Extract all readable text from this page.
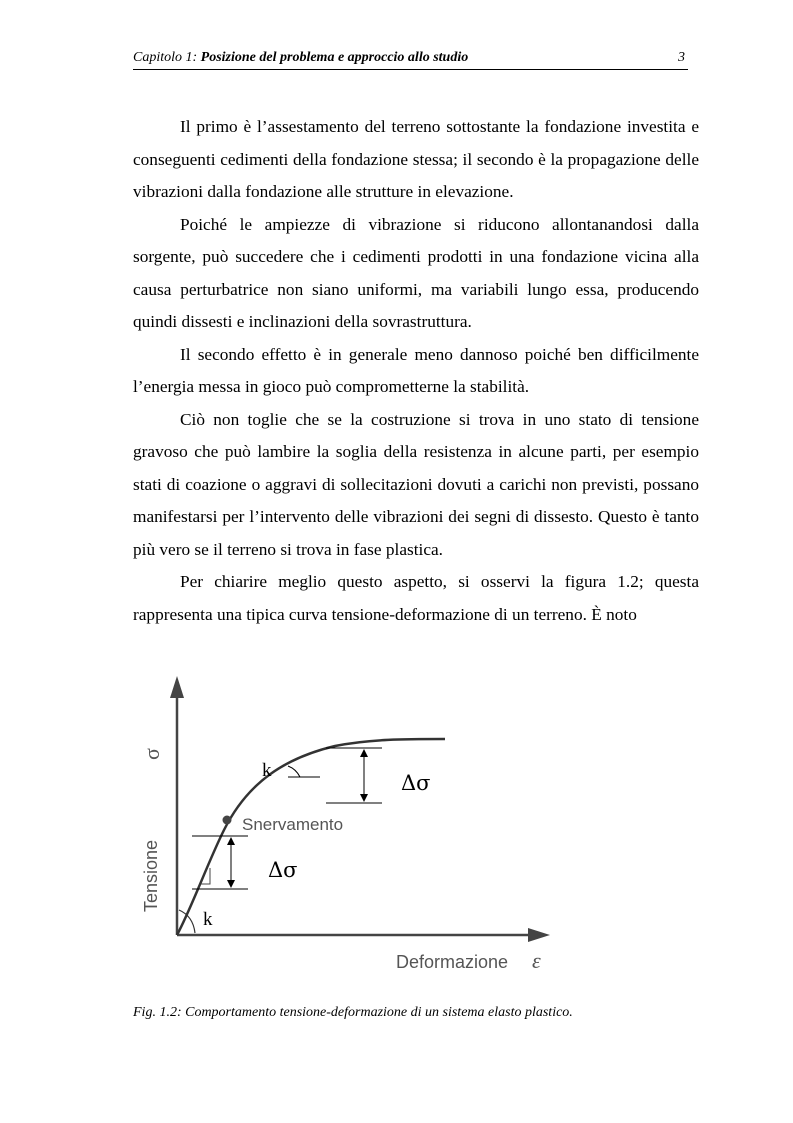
Capitolo 1: Posizione del problema e approccio allo studio	3

Il primo è l’assestamento del terreno sottostante la fondazione investita e conseguenti cedimenti della fondazione stessa; il secondo è la propagazione delle vibrazioni dalla fondazione alle strutture in elevazione.

Poiché le ampiezze di vibrazione si riducono allontanandosi dalla sorgente, può succedere che i cedimenti prodotti in una fondazione vicina alla causa perturbatrice non siano uniformi, ma variabili lungo essa, producendo quindi dissesti e inclinazioni della sovrastruttura.

Il secondo effetto è in generale meno dannoso poiché ben difficilmente l’energia messa in gioco può comprometterne la stabilità.

Ciò non toglie che se la costruzione si trova in uno stato di tensione gravoso che può lambire la soglia della resistenza in alcune parti, per esempio stati di coazione o aggravi di sollecitazioni dovuti a carichi non previsti, possano manifestarsi per l’intervento delle vibrazioni dei segni di dissesto. Questo è tanto più vero se il terreno si trova in fase plastica.

Per chiarire meglio questo aspetto, si osservi la figura 1.2; questa rappresenta una tipica curva tensione-deformazione di un terreno. È noto

k
k
Δσ
Δσ
Snervamento
Deformazione ε
Tensione
σ
Fig. 1.2: Comportamento tensione-deformazione di un sistema elasto plastico.
